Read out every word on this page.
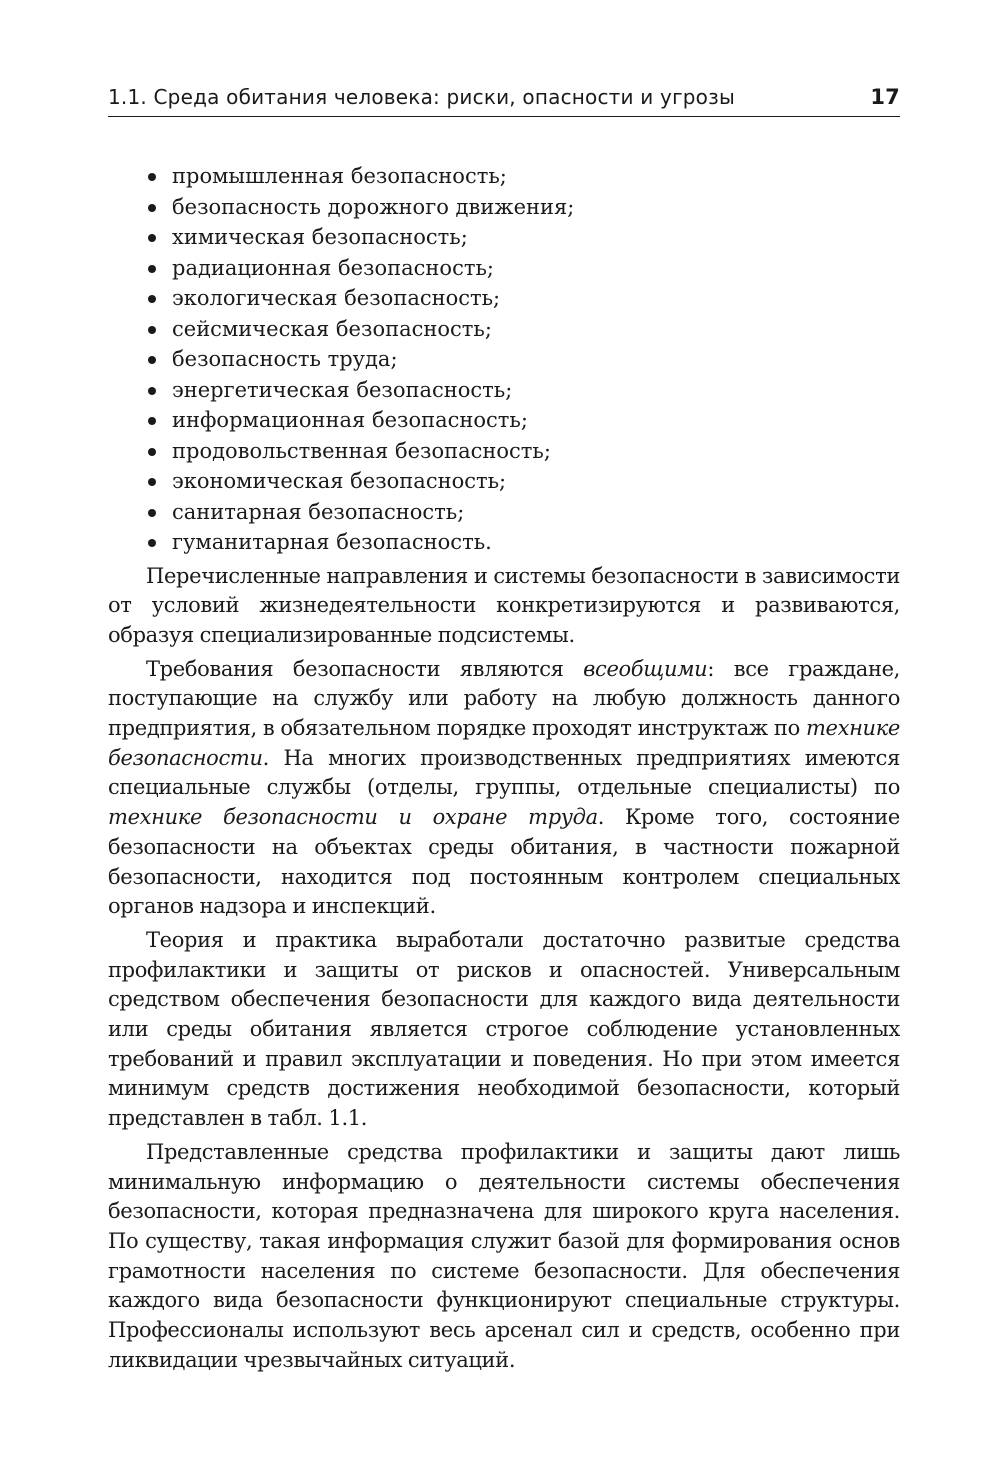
1.1. Среда обитания человека: риски, опасности и угрозы	17
промышленная безопасность;
безопасность дорожного движения;
химическая безопасность;
радиационная безопасность;
экологическая безопасность;
сейсмическая безопасность;
безопасность труда;
энергетическая безопасность;
информационная безопасность;
продовольственная безопасность;
экономическая безопасность;
санитарная безопасность;
гуманитарная безопасность.

Перечисленные направления и системы безопасности в зависимости от условий жизнедеятельности конкретизируются и развиваются, образуя специализированные подсистемы.

Требования безопасности являются всеобщими: все граждане, поступающие на службу или работу на любую должность данного предприятия, в обязательном порядке проходят инструктаж по технике безопасности. На многих производственных предприятиях имеются специальные службы (отделы, группы, отдельные специалисты) по технике безопасности и охране труда. Кроме того, состояние безопасности на объектах среды обитания, в частности пожарной безопасности, находится под постоянным контролем специальных органов надзора и инспекций.

Теория и практика выработали достаточно развитые средства профилактики и защиты от рисков и опасностей. Универсальным средством обеспечения безопасности для каждого вида деятельности или среды обитания является строгое соблюдение установленных требований и правил эксплуатации и поведения. Но при этом имеется минимум средств достижения необходимой безопасности, который представлен в табл. 1.1.

Представленные средства профилактики и защиты дают лишь минимальную информацию о деятельности системы обеспечения безопасности, которая предназначена для широкого круга населения. По существу, такая информация служит базой для формирования основ грамотности населения по системе безопасности. Для обеспечения каждого вида безопасности функционируют специальные структуры. Профессионалы используют весь арсенал сил и средств, особенно при ликвидации чрезвычайных ситуаций.
